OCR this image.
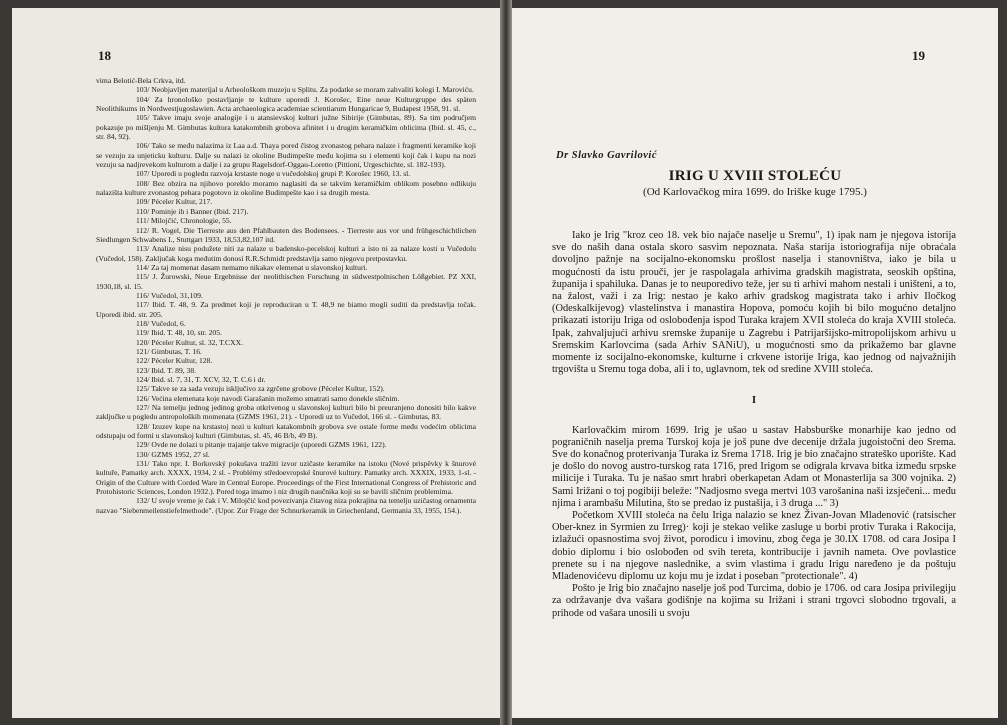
18

vima Belotić-Bela Crkva, itd.

103/ Neobjavljen materijal u Arheološkom muzeju u Splitu. Za podatke se moram zahvaliti kolegi I. Maroviću.

104/ Za hronološko postavljanje te kulture uporedi J. Korošec, Eine neue Kulturgruppe des späten Neolithikums in Nordwestjugoslawien. Acta archaeologica academiae scientiarum Hungaricae 9, Budapest 1958, 91. sl.

105/ Takve imaju svoje analogije i u atansievskoj kulturi južne Sibirije (Gimbutas, 89). Sa tim područjem pokazuje po mišljenju M. Gimbutas kultura katakombnih grobova afinitet i u drugim keramičkim oblicima (Ibid. sl. 45, c., str. 84, 92).

106/ Tako se među nalazima iz Laa a.d. Thaya pored čistog zvonastog pehara nalaze i fragmenti keramike koji se vezuju za unjeticku kulturu. Dalje su nalazi iz okoline Budimpešte među kojima su i elementi koji čak i kupu na nozi vezuju sa nadjrevekom kulturom a dalje i za grupu Ragelsdorf-Oggau-Loretto (Pittioni, Urgeschichte, sl. 182-193).

107/ Uporedi u pogledu razvoja krstaste noge u vučedolskoj grupi P. Korošec 1960, 13. sl.

108/ Bez obzira na njihovo poreklo moramo naglasiti da se takvim keramičkim oblikom posebno odlikuju nalazišta kulture zvonastog pehara pogotovo iz okoline Budimpešte kao i sa drugih mesta.

109/ Péceler Kultur, 217.

110/ Pominje ih i Banner (Ibid. 217).

111/ Milojčić, Chronologie, 55.

112/ R. Vogel, Die Tierreste aus den Pfahlbauten des Bodensees. - Tierreste aus vor und frühgeschichtlichen Siedlungen Schwabens I., Stuttgart 1933, 18,53,82,107 itd.

113/ Analize nisu podužete niti za nalaze u badensko-pecelskoj kulturi a isto ni za nalaze kosti u Vučedolu (Vučedol, 158). Zaključak koga međutim donosi R.R.Schmidt predstavlja samo njegovu pretpostavku.

114/ Za taj momenat dasam nemamo nikakav elemenat u slavonskoj kulturi.

115/ J. Žurowski, Neue Ergebnisse der neolithischen Forschung in südwestpolnischen Lößgebiet. PZ XXI, 1930,18, sl. 15.

116/ Vučedol, 31,109.

117/ Ibid. T. 48, 9. Za predmet koji je reproduciran u T. 48,9 ne biamo mogli suditi da predstavlja točak. Uporedi ibid. str. 205.

118/ Vučedol, 6.

119/ Ibid. T. 48, 10, str. 205.

120/ Péceler Kultur, sl. 32, T.CXX.

121/ Gimbutas, T. 16.

122/ Péceler Kultur, 128.

123/ Ibid. T. 89, 38.

124/ Ibid. sl. 7, 31, T. XCV, 32, T. C.6 i dr.

125/ Takve se za sada vezuju isključivo za zgrčene grobove (Péceler Kultur, 152).

126/ Većina elemenata koje navodi Garašanin možemo smatrati samo donekle sličnim.

127/ Na temelju jednog jedinog groba otkrivenog u slavonskoj kulturi bilo bi preuranjeno donositi bilo kakve zaključke u pogledu antropoloških momenata (GZMS 1961, 21). - Uporedi uz to Vučedol, 166 sl. - Gimbutas, 83.

128/ Izuzev kupe na krstastoj nozi u kulturi katakombnih grobova sve ostale forme među vodećim oblicima odstupaju od formi u slavonskoj kulturi (Gimbutas, sl. 45, 46 B/b, 49 B).

129/ Ovde ne dolazi u pitanje trajanje takve migracije (uporedi GZMS 1961, 122).

130/ GZMS 1952, 27 sl.

131/ Tako npr. I. Borkovský pokušava tražiti izvor uzičaste keramike na istoku (Nové prispěvky k šnurové kultuře, Pamatky arch. XXXX, 1934, 2 sl. - Problémy středoevropské šnurové kultury. Pamatky arch. XXXIX, 1933, 1-sl. - Origin of the Culture with Corded Ware in Central Europe. Proceedings of the First International Congress of Prehistoric and Protohistoric Sciences, London 1932.). Pored toga imamo i niz drugih naučnika koji su se bavili sličnim problemima.

132/ U svoje vreme je čak i V. Milojčić kod povezivanja čitavog niza pokrajina na temelju uzičastog ornamenta nazvao "Siebenmeilenstiefelmethode". (Upor. Zur Frage der Schnurkeramik in Griechenland, Germania 33, 1955, 154.).

19
Dr Slavko Gavrilović
IRIG U XVIII STOLEĆU
(Od Karlovačkog mira 1699. do Iriške kuge 1795.)

Iako je Irig "kroz ceo 18. vek bio najače naselje u Sremu", 1) ipak nam je njegova istorija sve do naših dana ostala skoro sasvim nepoznata. Naša starija istoriografija nije obraćala dovoljno pažnje na socijalno-ekonomsku prošlost naselja i stanovništva, iako je bila u mogućnosti da istu prouči, jer je raspolagala arhivima gradskih magistrata, seoskih opština, županija i spahiluka. Danas je to neuporedivo teže, jer su ti arhivi mahom nestali i uništeni, a to, na žalost, važi i za Irig: nestao je kako arhiv gradskog magistrata tako i arhiv Iločkog (Odeskalkijevog) vlastelinstva i manastira Hopova, pomoću kojih bi bilo mogućno detaljno prikazati istoriju Iriga od oslobođenja ispod Turaka krajem XVII stoleća do kraja XVIII stoleća. Ipak, zahvaljujući arhivu sremske županije u Zagrebu i Patrijaršijsko-mitropolijskom arhivu u Sremskim Karlovcima (sada Arhiv SANiU), u mogućnosti smo da prikažemo bar glavne momente iz socijalno-ekonomske, kulturne i crkvene istorije Iriga, kao jednog od najvažnijih trgovišta u Sremu toga doba, ali i to, uglavnom, tek od sredine XVIII stoleća.

I

Karlovačkim mirom 1699. Irig je ušao u sastav Habsburške monarhije kao jedno od pograničnih naselja prema Turskoj koja je još pune dve decenije držala jugoistočni deo Srema. Sve do konačnog proterivanja Turaka iz Srema 1718. Irig je bio značajno strateško uporište. Kad je došlo do novog austro-turskog rata 1716, pred Irigom se odigrala krvava bitka između srpske milicije i Turaka. Tu je našao smrt hrabri oberkapetan Adam ot Monasterlija sa 300 vojnika. 2) Sami Irižani o toj pogibiji beleže: "Nadjosmo svega mertvi 103 varošanina naši izsječeni... među njima i arambašu Milutina, što se predao iz pustašija, i 3 druga ..." 3)

Početkom XVIII stoleća na čelu Iriga nalazio se knez Živan-Jovan Mladenović (ratsischer Ober-knez in Syrmien zu Irreg)· koji je stekao velike zasluge u borbi protiv Turaka i Rakocija, izlažući opasnostima svoj život, porodicu i imovinu, zbog čega je 30.IX 1708. od cara Josipa I dobio diplomu i bio oslobođen od svih tereta, kontribucije i javnih nameta. Ove povlastice prenete su i na njegove naslednike, a svim vlastima i gradu Irigu naređeno je da poštuju Mladenovićevu diplomu uz koju mu je izdat i poseban "protectionale". 4)

Pošto je Irig bio značajno naselje još pod Turcima, dobio je 1706. od cara Josipa privilegiju za održavanje dva vašara godišnje na kojima su Irižani i strani trgovci slobodno trgovali, a prihode od vašara unosili u svoju
